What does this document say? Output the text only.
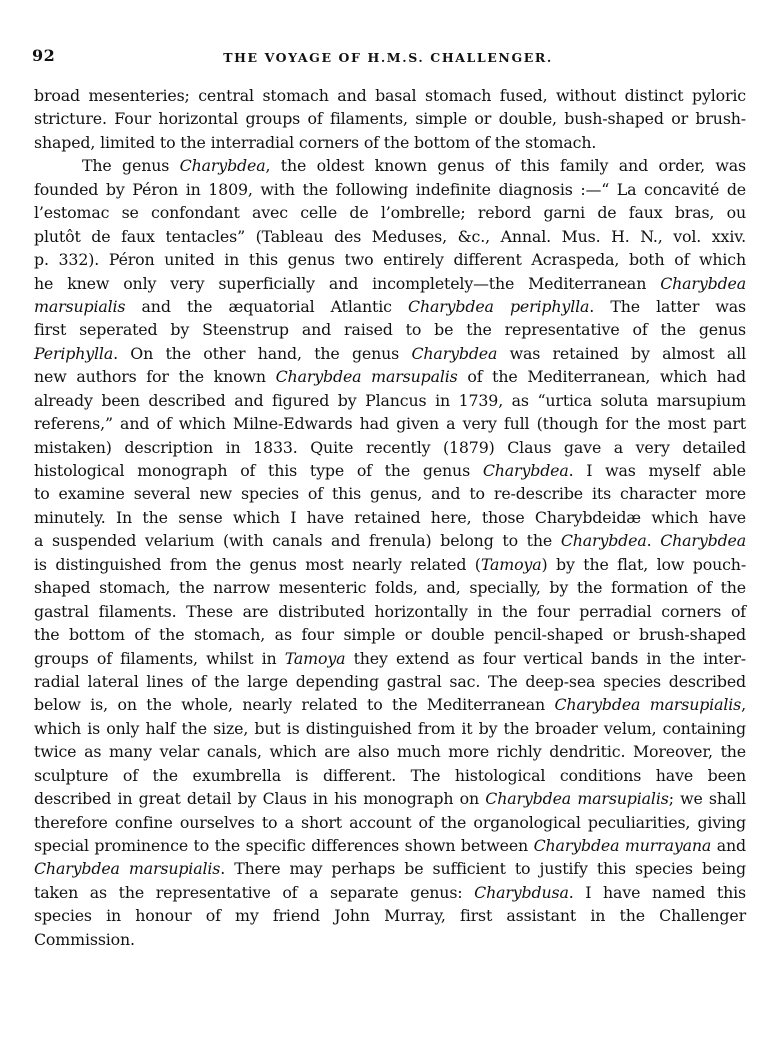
92	THE VOYAGE OF H.M.S. CHALLENGER.
broad mesenteries; central stomach and basal stomach fused, without distinct pyloric
stricture. Four horizontal groups of filaments, simple or double, bush-shaped or brush-
shaped, limited to the interradial corners of the bottom of the stomach.
The genus Charybdea, the oldest known genus of this family and order, was
founded by Péron in 1809, with the following indefinite diagnosis :—“ La concavité de
l’estomac se confondant avec celle de l’ombrelle; rebord garni de faux bras, ou
plutôt de faux tentacles” (Tableau des Meduses, &c., Annal. Mus. H. N., vol. xxiv.
p. 332). Péron united in this genus two entirely different Acraspeda, both of which
he knew only very superficially and incompletely—the Mediterranean Charybdea
marsupialis and the æquatorial Atlantic Charybdea periphylla. The latter was
first seperated by Steenstrup and raised to be the representative of the genus
Periphylla. On the other hand, the genus Charybdea was retained by almost all
new authors for the known Charybdea marsupalis of the Mediterranean, which had
already been described and figured by Plancus in 1739, as “urtica soluta marsupium
referens,” and of which Milne-Edwards had given a very full (though for the most part
mistaken) description in 1833. Quite recently (1879) Claus gave a very detailed
histological monograph of this type of the genus Charybdea. I was myself able
to examine several new species of this genus, and to re-describe its character more
minutely. In the sense which I have retained here, those Charybdeidæ which have
a suspended velarium (with canals and frenula) belong to the Charybdea. Charybdea
is distinguished from the genus most nearly related (Tamoya) by the flat, low pouch-
shaped stomach, the narrow mesenteric folds, and, specially, by the formation of the
gastral filaments. These are distributed horizontally in the four perradial corners of
the bottom of the stomach, as four simple or double pencil-shaped or brush-shaped
groups of filaments, whilst in Tamoya they extend as four vertical bands in the inter-
radial lateral lines of the large depending gastral sac. The deep-sea species described
below is, on the whole, nearly related to the Mediterranean Charybdea marsupialis,
which is only half the size, but is distinguished from it by the broader velum, containing
twice as many velar canals, which are also much more richly dendritic. Moreover, the
sculpture of the exumbrella is different. The histological conditions have been
described in great detail by Claus in his monograph on Charybdea marsupialis; we shall
therefore confine ourselves to a short account of the organological peculiarities, giving
special prominence to the specific differences shown between Charybdea murrayana and
Charybdea marsupialis. There may perhaps be sufficient to justify this species being
taken as the representative of a separate genus: Charybdusa. I have named this
species in honour of my friend John Murray, first assistant in the Challenger
Commission.
